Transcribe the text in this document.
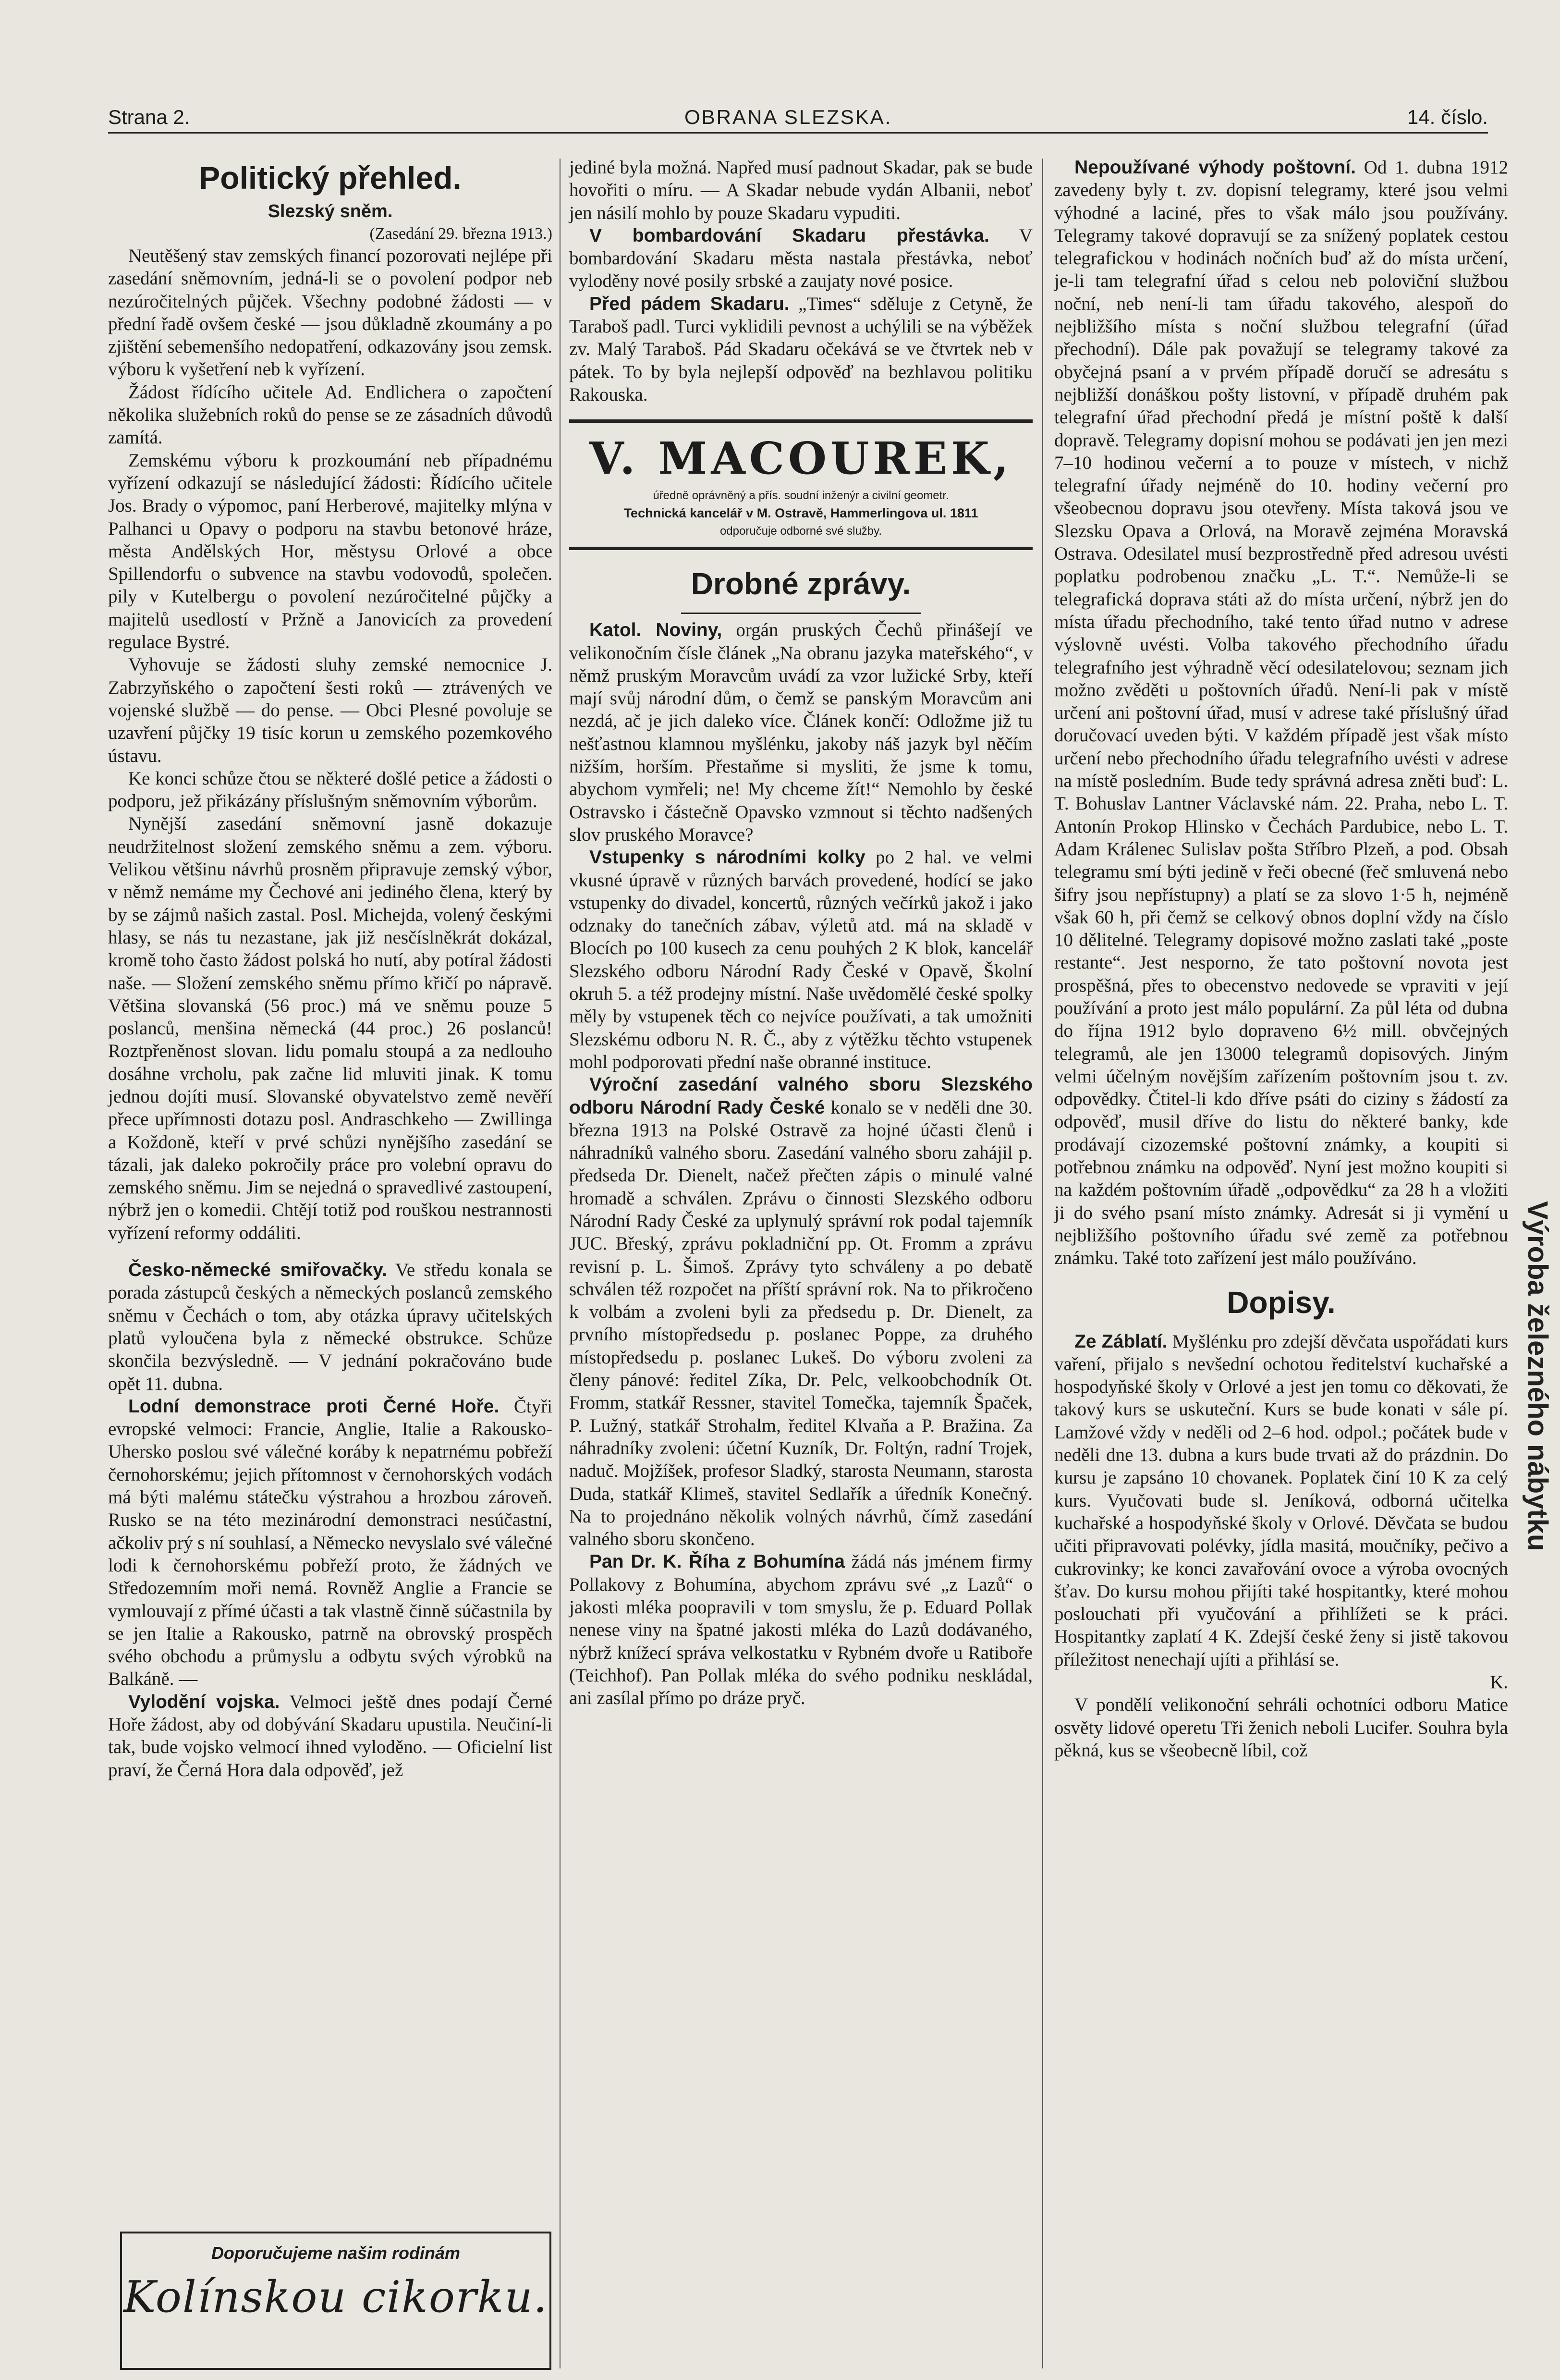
Strana 2.	OBRANA SLEZSKA.	14. číslo.
Politický přehled.
Slezský sněm.
(Zasedání 29. března 1913.)

Neutěšený stav zemských financí pozorovati nejlépe při zasedání sněmovním, jedná-li se o povolení podpor neb nezúročitelných půjček. Všechny podobné žádosti — v přední řadě ovšem české — jsou důkladně zkoumány a po zjištění sebemenšího nedopatření, odkazovány jsou zemsk. výboru k vyšetření neb k vyřízení.

Žádost řídícího učitele Ad. Endlichera o započtení několika služebních roků do pense se ze zásadních důvodů zamítá.

Zemskému výboru k prozkoumání neb případnému vyřízení odkazují se následující žádosti: Řídícího učitele Jos. Brady o výpomoc, paní Herberové, majitelky mlýna v Palhanci u Opavy o podporu na stavbu betonové hráze, města Andělských Hor, městysu Orlové a obce Spillendorfu o subvence na stavbu vodovodů, společen. pily v Kutelbergu o povolení nezúročitelné půjčky a majitelů usedlostí v Pržně a Janovicích za provedení regulace Bystré.

Vyhovuje se žádosti sluhy zemské nemocnice J. Zabrzyňského o započtení šesti roků — ztrávených ve vojenské službě — do pense. — Obci Plesné povoluje se uzavření půjčky 19 tisíc korun u zemského pozemkového ústavu.

Ke konci schůze čtou se některé došlé petice a žádosti o podporu, jež přikázány příslušným sněmovním výborům.

Nynější zasedání sněmovní jasně dokazuje neudržitelnost složení zemského sněmu a zem. výboru. Velikou většinu návrhů prosněm připravuje zemský výbor, v němž nemáme my Čechové ani jediného člena, který by by se zájmů našich zastal. Posl. Michejda, volený českými hlasy, se nás tu nezastane, jak již nesčíslněkrát dokázal, kromě toho často žádost polská ho nutí, aby potíral žádosti naše. — Složení zemského sněmu přímo křičí po nápravě. Většina slovanská (56 proc.) má ve sněmu pouze 5 poslanců, menšina německá (44 proc.) 26 poslanců! Roztpřeněnost slovan. lidu pomalu stoupá a za nedlouho dosáhne vrcholu, pak začne lid mluviti jinak. K tomu jednou dojíti musí. Slovanské obyvatelstvo země nevěří přece upřímnosti dotazu posl. Andraschkeho — Zwillinga a Koždoně, kteří v prvé schůzi nynějšího zasedání se tázali, jak daleko pokročily práce pro volební opravu do zemského sněmu. Jim se nejedná o spravedlivé zastoupení, nýbrž jen o komedii. Chtějí totiž pod rouškou nestrannosti vyřízení reformy oddáliti.

Česko-německé smiřovačky. Ve středu konala se porada zástupců českých a německých poslanců zemského sněmu v Čechách o tom, aby otázka úpravy učitelských platů vyloučena byla z německé obstrukce. Schůze skončila bezvýsledně. — V jednání pokračováno bude opět 11. dubna.

Lodní demonstrace proti Černé Hoře. Čtyři evropské velmoci: Francie, Anglie, Italie a Rakousko-Uhersko poslou své válečné koráby k nepatrnému pobřeží černohorskému; jejich přítomnost v černohorských vodách má býti malému státečku výstrahou a hrozbou zároveň. Rusko se na této mezinárodní demonstraci nesúčastní, ačkoliv prý s ní souhlasí, a Německo nevyslalo své válečné lodi k černohorskému pobřeží proto, že žádných ve Středozemním moři nemá. Rovněž Anglie a Francie se vymlouvají z přímé účasti a tak vlastně činně súčastnila by se jen Italie a Rakousko, patrně na obrovský prospěch svého obchodu a průmyslu a odbytu svých výrobků na Balkáně. —

Vylodění vojska. Velmoci ještě dnes podají Černé Hoře žádost, aby od dobývání Skadaru upustila. Neučiní-li tak, bude vojsko velmocí ihned vyloděno. — Oficielní list praví, že Černá Hora dala odpověď, jež

Doporučujeme našim rodinám
Kolínskou cikorku.

jediné byla možná. Napřed musí padnout Skadar, pak se bude hovořiti o míru. — A Skadar nebude vydán Albanii, neboť jen násilí mohlo by pouze Skadaru vypuditi.

V bombardování Skadaru přestávka. V bombardování Skadaru města nastala přestávka, neboť vyloděny nové posily srbské a zaujaty nové posice.

Před pádem Skadaru. „Times“ sděluje z Cetyně, že Taraboš padl. Turci vyklidili pevnost a uchýlili se na výběžek zv. Malý Taraboš. Pád Skadaru očekává se ve čtvrtek neb v pátek. To by byla nejlepší odpověď na bezhlavou politiku Rakouska.

V. MACOUREK,
úředně oprávněný a přís. soudní inženýr a civilní geometr.
Technická kancelář v M. Ostravě, Hammerlingova ul. 1811
odporučuje odborné své služby.
Drobné zprávy.

Katol. Noviny, orgán pruských Čechů přinášejí ve velikonočním čísle článek „Na obranu jazyka mateřského“, v němž pruským Moravcům uvádí za vzor lužické Srby, kteří mají svůj národní dům, o čemž se panským Moravcům ani nezdá, ač je jich daleko více. Článek končí: Odložme již tu nešťastnou klamnou myšlénku, jakoby náš jazyk byl něčím nižším, horším. Přestaňme si mysliti, že jsme k tomu, abychom vymřeli; ne! My chceme žít!“ Nemohlo by české Ostravsko i částečně Opavsko vzmnout si těchto nadšených slov pruského Moravce?

Vstupenky s národními kolky po 2 hal. ve velmi vkusné úpravě v různých barvách provedené, hodící se jako vstupenky do divadel, koncertů, různých večírků jakož i jako odznaky do tanečních zábav, výletů atd. má na skladě v Blocích po 100 kusech za cenu pouhých 2 K blok, kancelář Slezského odboru Národní Rady České v Opavě, Školní okruh 5. a též prodejny místní. Naše uvědomělé české spolky měly by vstupenek těch co nejvíce používati, a tak umožniti Slezskému odboru N. R. Č., aby z výtěžku těchto vstupenek mohl podporovati přední naše obranné instituce.

Výroční zasedání valného sboru Slezského odboru Národní Rady České konalo se v neděli dne 30. března 1913 na Polské Ostravě za hojné účasti členů i náhradníků valného sboru. Zasedání valného sboru zahájil p. předseda Dr. Dienelt, načež přečten zápis o minulé valné hromadě a schválen. Zprávu o činnosti Slezského odboru Národní Rady České za uplynulý správní rok podal tajemník JUC. Břeský, zprávu pokladniční pp. Ot. Fromm a zprávu revisní p. L. Šimoš. Zprávy tyto schváleny a po debatě schválen též rozpočet na příští správní rok. Na to přikročeno k volbám a zvoleni byli za předsedu p. Dr. Dienelt, za prvního místopředsedu p. poslanec Poppe, za druhého místopředsedu p. poslanec Lukeš. Do výboru zvoleni za členy pánové: ředitel Zíka, Dr. Pelc, velkoobchodník Ot. Fromm, statkář Ressner, stavitel Tomečka, tajemník Špaček, P. Lužný, statkář Strohalm, ředitel Klvaňa a P. Bražina. Za náhradníky zvoleni: účetní Kuzník, Dr. Foltýn, radní Trojek, naduč. Mojžíšek, profesor Sladký, starosta Neumann, starosta Duda, statkář Klimeš, stavitel Sedlařík a úředník Konečný. Na to projednáno několik volných návrhů, čímž zasedání valného sboru skončeno.

Pan Dr. K. Říha z Bohumína žádá nás jménem firmy Pollakovy z Bohumína, abychom zprávu své „z Lazů“ o jakosti mléka poopravili v tom smyslu, že p. Eduard Pollak nenese viny na špatné jakosti mléka do Lazů dodávaného, nýbrž knížecí správa velkostatku v Rybném dvoře u Ratiboře (Teichhof). Pan Pollak mléka do svého podniku neskládal, ani zasílal přímo po dráze pryč.

Nepoužívané výhody poštovní. Od 1. dubna 1912 zavedeny byly t. zv. dopisní telegramy, které jsou velmi výhodné a laciné, přes to však málo jsou používány. Telegramy takové dopravují se za snížený poplatek cestou telegrafickou v hodinách nočních buď až do místa určení, je-li tam telegrafní úřad s celou neb poloviční službou noční, neb není-li tam úřadu takového, alespoň do nejbližšího místa s noční službou telegrafní (úřad přechodní). Dále pak považují se telegramy takové za obyčejná psaní a v prvém případě doručí se adresátu s nejbližší donáškou pošty listovní, v případě druhém pak telegrafní úřad přechodní předá je místní poště k další dopravě. Telegramy dopisní mohou se podávati jen jen mezi 7–10 hodinou večerní a to pouze v místech, v nichž telegrafní úřady nejméně do 10. hodiny večerní pro všeobecnou dopravu jsou otevřeny. Místa taková jsou ve Slezsku Opava a Orlová, na Moravě zejména Moravská Ostrava. Odesilatel musí bezprostředně před adresou uvésti poplatku podrobenou značku „L. T.“. Nemůže-li se telegrafická doprava státi až do místa určení, nýbrž jen do místa úřadu přechodního, také tento úřad nutno v adrese výslovně uvésti. Volba takového přechodního úřadu telegrafního jest výhradně věcí odesilatelovou; seznam jich možno zvěděti u poštovních úřadů. Není-li pak v místě určení ani poštovní úřad, musí v adrese také příslušný úřad doručovací uveden býti. V každém případě jest však místo určení nebo přechodního úřadu telegrafního uvésti v adrese na místě posledním. Bude tedy správná adresa zněti buď: L. T. Bohuslav Lantner Václavské nám. 22. Praha, nebo L. T. Antonín Prokop Hlinsko v Čechách Pardubice, nebo L. T. Adam Králenec Sulislav pošta Stříbro Plzeň, a pod. Obsah telegramu smí býti jedině v řeči obecné (řeč smluvená nebo šifry jsou nepřístupny) a platí se za slovo 1·5 h, nejméně však 60 h, při čemž se celkový obnos doplní vždy na číslo 10 dělitelné. Telegramy dopisové možno zaslati také „poste restante“. Jest nesporno, že tato poštovní novota jest prospěšná, přes to obecenstvo nedovede se vpraviti v její používání a proto jest málo populární. Za půl léta od dubna do října 1912 bylo dopraveno 6½ mill. obvčejných telegramů, ale jen 13000 telegramů dopisových. Jiným velmi účelným novějším zařízením poštovním jsou t. zv. odpovědky. Čtitel-li kdo dříve psáti do ciziny s žádostí za odpověď, musil dříve do listu do některé banky, kde prodávají cizozemské poštovní známky, a koupiti si potřebnou známku na odpověď. Nyní jest možno koupiti si na každém poštovním úřadě „odpovědku“ za 28 h a vložiti ji do svého psaní místo známky. Adresát si ji vymění u nejbližšího poštovního úřadu své země za potřebnou známku. Také toto zařízení jest málo používáno.

Dopisy.

Ze Záblatí. Myšlénku pro zdejší děvčata uspořádati kurs vaření, přijalo s nevšední ochotou ředitelství kuchařské a hospodyňské školy v Orlové a jest jen tomu co děkovati, že takový kurs se uskuteční. Kurs se bude konati v sále pí. Lamžové vždy v neděli od 2–6 hod. odpol.; počátek bude v neděli dne 13. dubna a kurs bude trvati až do prázdnin. Do kursu je zapsáno 10 chovanek. Poplatek činí 10 K za celý kurs. Vyučovati bude sl. Jeníková, odborná učitelka kuchařské a hospodyňské školy v Orlové. Děvčata se budou učiti připravovati polévky, jídla masitá, moučníky, pečivo a cukrovinky; ke konci zavařování ovoce a výroba ovocných šťav. Do kursu mohou přijíti také hospitantky, které mohou poslouchati při vyučování a přihlížeti se k práci. Hospitantky zaplatí 4 K. Zdejší české ženy si jistě takovou příležitost nenechají ujíti a přihlásí se.

K.

V pondělí velikonoční sehráli ochotníci odboru Matice osvěty lidové operetu Tři ženich neboli Lucifer. Souhra byla pěkná, kus se všeobecně líbil, což

Výroba železného nábytku
